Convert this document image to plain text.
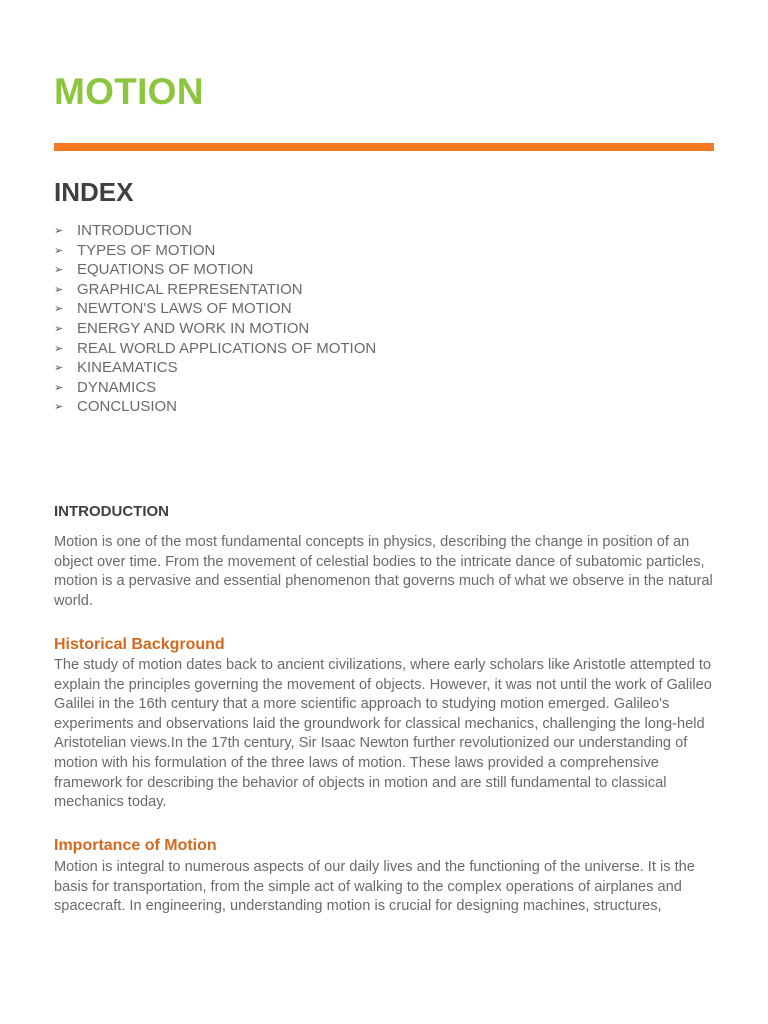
MOTION
INDEX
➢ INTRODUCTION
➢ TYPES OF MOTION
➢ EQUATIONS OF MOTION
➢ GRAPHICAL REPRESENTATION
➢ NEWTON'S LAWS OF MOTION
➢ ENERGY AND WORK IN MOTION
➢ REAL WORLD APPLICATIONS OF MOTION
➢ KINEAMATICS
➢ DYNAMICS
➢ CONCLUSION
INTRODUCTION

Motion is one of the most fundamental concepts in physics, describing the change in position of an object over time. From the movement of celestial bodies to the intricate dance of subatomic particles, motion is a pervasive and essential phenomenon that governs much of what we observe in the natural world.

Historical Background

The study of motion dates back to ancient civilizations, where early scholars like Aristotle attempted to explain the principles governing the movement of objects. However, it was not until the work of Galileo Galilei in the 16th century that a more scientific approach to studying motion emerged. Galileo's experiments and observations laid the groundwork for classical mechanics, challenging the long-held Aristotelian views.In the 17th century, Sir Isaac Newton further revolutionized our understanding of motion with his formulation of the three laws of motion. These laws provided a comprehensive framework for describing the behavior of objects in motion and are still fundamental to classical mechanics today.

Importance of Motion

Motion is integral to numerous aspects of our daily lives and the functioning of the universe. It is the basis for transportation, from the simple act of walking to the complex operations of airplanes and spacecraft. In engineering, understanding motion is crucial for designing machines, structures,
